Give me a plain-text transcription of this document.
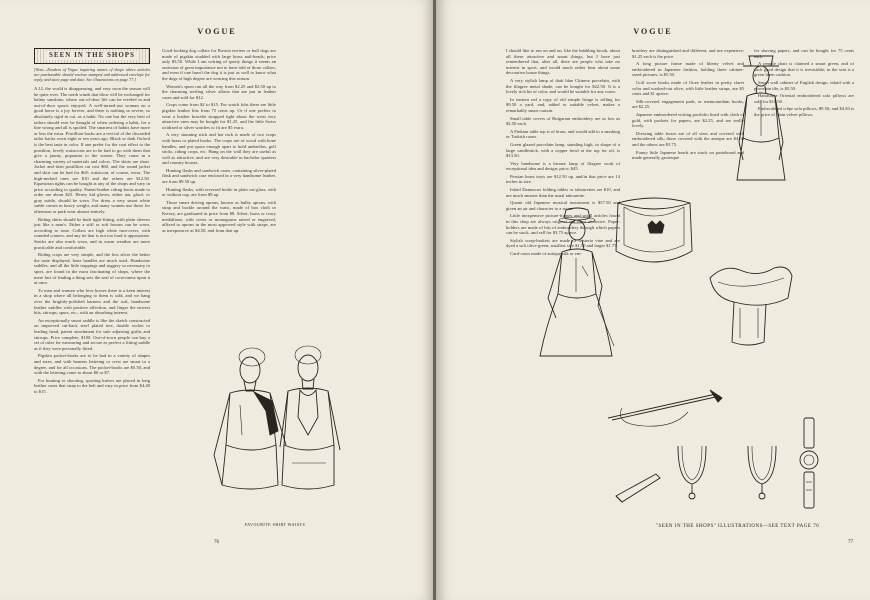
VOGUE
SEEN IN THE SHOPS
[Note—Readers of Vogue inquiring names of shops where articles are purchasable should enclose stamped and addressed envelope for reply, and state page and date. See illustrations on page 77.]

A LL the world is disappearing, and very soon the season will be quite over. The north winds that blow will be exchanged for balmy sunshine, where out-of-door life can be reveled in and out-of-door sports enjoyed. A well-turned-out woman on a good horse is a joy forever, and there is nothing so severe, so absolutely rigid in cut, as a habit. No one but the very best of tailors should ever be thought of when ordering a habit, for a line wrong and all is spoiled. The smartest of habits have more or less the extra. Postillion backs are a revival of the discarded tailor backs worn eight or ten years ago. Black or dark Oxford is the best taste in color. If one prefer for the coat effect to the postilion, lovely waistcoats are to be had to go with them that give a jaunty, piquantar to the wearer. They come in a charming variety of materials and colors. The skirts are short. Jacket and skirt postillion cut cost $60, and the round jacket and skirt can be had for $65; waistcoat, of course, extra. The high-necked ones are $10 and the others are $12.50. Equestrian tights can be bought at any of the shops and vary in price according to quality. Patent-leather riding boots made to order are about $25. Heavy kid gloves, either tan, glacé, or gray suède, should be worn. For dress a very smart white suède comes in heavy weight, and many women use those for afternoon or park wear almost entirely.

Riding shirts should be built tight-fitting, with plain sleeves just like a man's. Either a stiff or soft bosom can be worn, according to taste. Collars are high white turn-overs, with rounded corners, and any tie that is not too loud is appropriate. Stocks are also much worn, and in warm weather are more practicable and comfortable.

Riding crops are very simple, and the less silver the better the taste displayed; bone handles are much used. Handsome saddles, and all the little trappings and toggery so necessary to sport, are found in the most fascinating of shops, where the mere fact of finding a thing sets the seal of correctness upon it at once.

To men and women who love horses there is a keen interest in a shop where all belonging to them is sold, and we hang over the brightly-polished harness and the soft, handsome leather saddles with positive affection, and finger the newest bits, stirrups, spurs, etc., with an absorbing interest.

An exceptionally smart saddle is like the sketch constructed on improved cut-back steel plated tree, double socket to leading head, patent attachment for safe adjusting girths and stirrups. Price complete, $100. Out-of-town people can buy a set of rules for measuring and secure as perfect a fitting saddle as if they were personally fitted.

Pigskin pocket-books are to be had in a variety of shapes and sizes, and with harness lettering or crest are smart to a degree, and for all occasions. The pocket-books are $5.50, and with the lettering come to about $6 or $7.

For hunting or shooting, sporting knives are placed in long leather cases that strap to the belt and vary in price from $4.40 to $15.

Good-looking dog collars for Boston terriers or bull dogs are made of pigskin studded with large brass nail-heads; price only $3.50. While I am writing of sporty things it seems an omission of great importance not to have told of those collars, and even if one hasn't the dog it is just as well to know what the dogs of high degree are wearing this season.

Women's spurs run all the way from $2.25 and $2.50 up to the charming sterling silver affairs that are put in leather cases and sold for $12.

Crops come from $2 to $15. For watch fobs there are little pigskin leather bits from 75 cents up. Or if one prefers to wear a leather bracelet strapped tight about the wrist very attractive ones may be bought for $1.25, and the little Swiss oxidized or silver watches to fit are $5 extra.

A very stunning stick and hat rack is made of two crops with brass or plated hooks. The crops are of wood with bone handles, and put space enough apart to hold umbrellas, golf sticks, riding crops, etc. Hung on the wall they are useful as well as attractive, and are very desirable in bachelor quarters and country houses.

Hunting flasks and sandwich cases, containing silver-plated flask and sandwich case enclosed in a very handsome leather, are from $9.50 up.

Hunting flasks, with reversed bottle in plain cut-glass, with or without cup, are from $8 up.

Those smart driving aprons, known as bulby aprons, with strap and buckle around the waist, made of box cloth or Kersey, are graduated in price from $8. Silver, brass or ivory medallions, with crests or monograms raised or engraved, affixed to aprons in the most approved style with straps, are as inexpensive as $4.50, and from that up.

FAVOURITE SHIRT WAISTS
76
VOGUE

I should like to run on and on, like the babbling brook, about all these attractive and smart things, but I have just remembered that, after all, there are people who take no interest in sport, and would much rather hear about some decorative house things.

A very stylish lamp of dark blue Chinese porcelain, with the filagree metal shade, can be bought for $22.50. It is a lovely rich bit of color, and would be suitable for any room.

In eastern red a copy of old temple fringe is selling for $9.50 a yard, and, added to suitable velvet, makes a remarkably smart curtain.

Small table covers of Bulgarian embroidery are as low as $2.50 each.

A Finkian table top is of brass, and would add to a smoking or Turkish room.

Green glazed porcelain lamp, standing high, in shape of a large candlestick, with a copper bowl at the top for oil, is $13.50.

Very handsome is a bronze lamp of filagree work of exceptional idea and design; price, $45.

Persian brass trays are $12.50 up, and/in that price are 14 inches in size.

Inlaid Damascus folding tables or tabourettes are $10, and are much smarter than the usual tabourette.

Quaint old Japanese musical instrument is $57.50 and given an air and character to a room.

Little inexpensive picture-frames and small articles found in this shop are always original and most attractive. Paper-holders are made of bits of embroidery through which papers can be stuck, and sell for $3.75 apiece.

Stylish scrap-baskets are made of wisteria vine and are dyed a soft olive-green; smallest size $1.50 and larger $1.75.

Card-cases made of antique silk or em-

broidery are distinguished and different, and not expensive; $1.25 each is the price.

A long picture frame made of liberty velvet and embroidered in Japanese fashion, holding three cabinet-sized pictures, is $5.50.

Golf score books made of Ooze leather in pretty claret color and washed-out olive, with little leather straps, are $5 cents and $1 apiece.

Silk-covered engagement pads, or memorandum books, are $2.25.

Japanese embroidered writing portfolio lined with cloth of gold, with pockets for papers, are $2.25, and are really lovely.

Dressing table boxes are of all sizes and covered with embroidered silk; those covered with the antique are $4.50 and the others are $3.75.

Funny little Japanese heads are stuck on pasteboard and made generally grotesque

for shaving papers, and can be bought for 75 cents each.

A temple chair is claimed a smart green, and of such good design that it is irresistible; in the seat is a green linen cushion.

Small wall cabinet of English design, inlaid with a porcelain tile, is $5.50.

Handsome Oriental embroidered sofa pillows are sold for $10.50.

Embroidered crêpe sofa pillows, $9.50; and $4.50 is the price of plain velvet pillows.

"SEEN IN THE SHOPS" ILLUSTRATIONS—SEE TEXT PAGE 76
77
